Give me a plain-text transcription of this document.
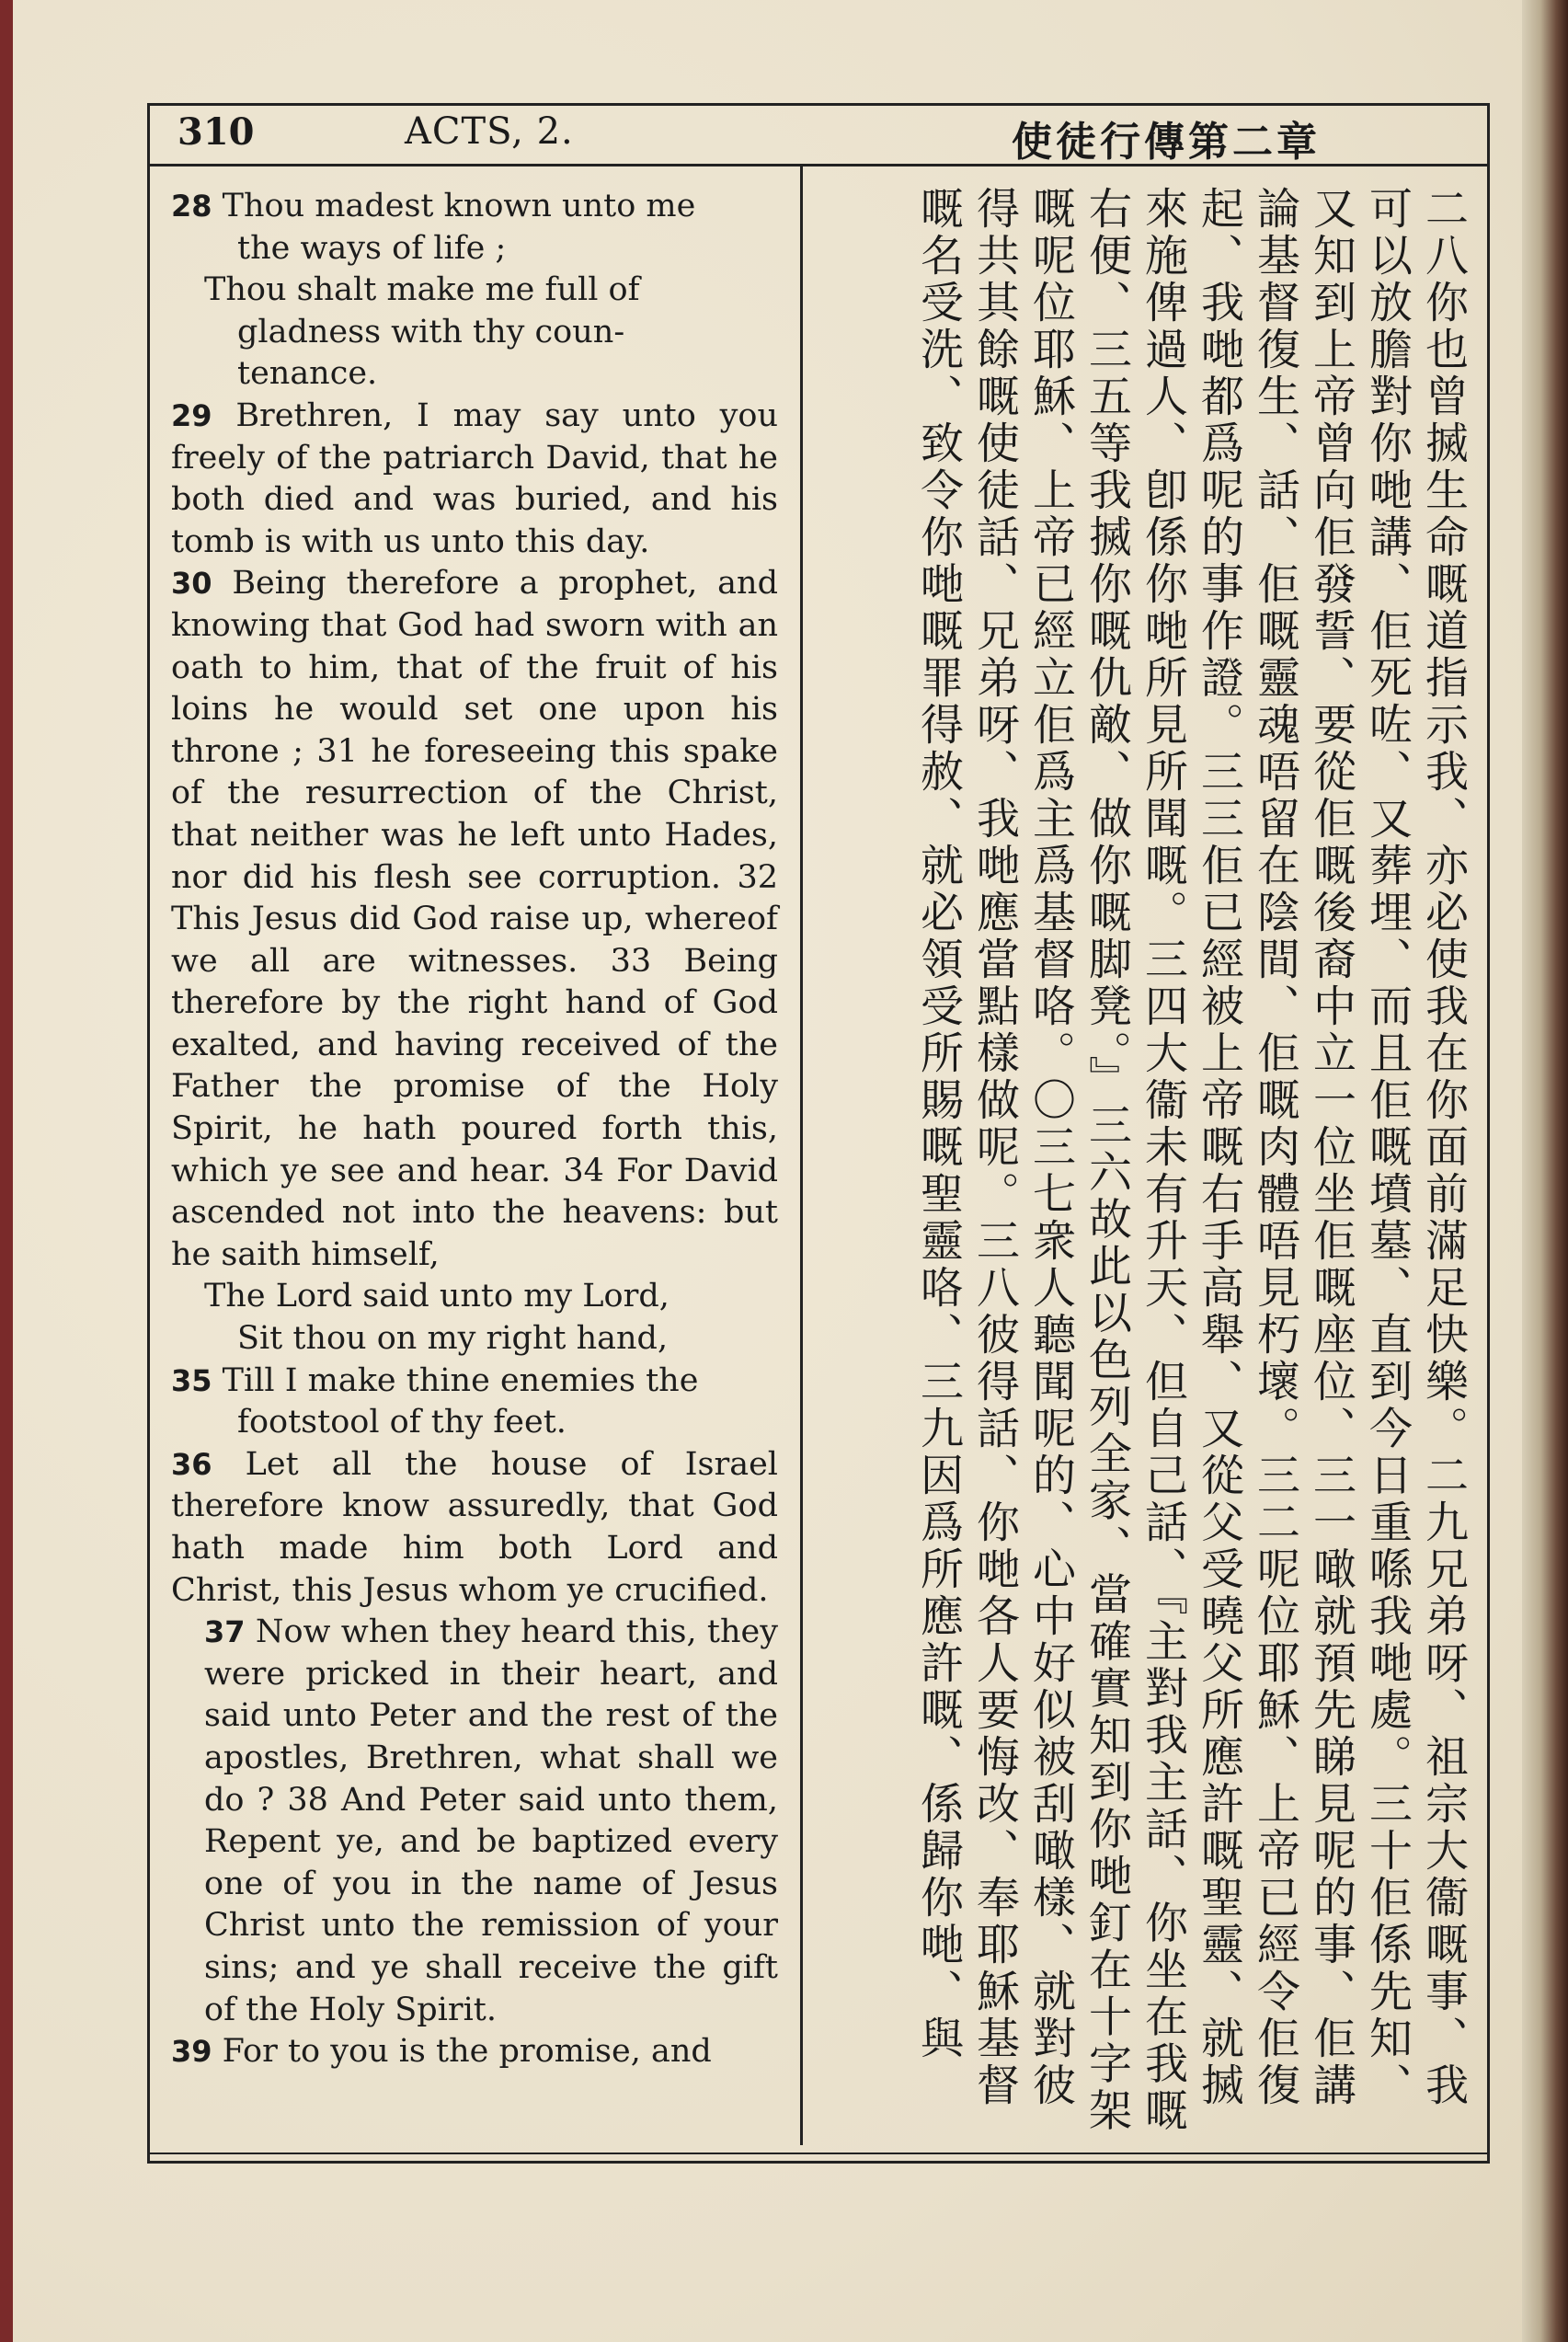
310	ACTS, 2.	使徒行傳第二章

28 Thou madest known unto me

the ways of life ;

Thou shalt make me full of

gladness with thy coun-

tenance.

29 Brethren, I may say unto you freely of the patriarch David, that he both died and was buried, and his tomb is with us unto this day.

30 Being therefore a prophet, and knowing that God had sworn with an oath to him, that of the fruit of his loins he would set one upon his throne ; 31 he foreseeing this spake of the resurrection of the Christ, that neither was he left unto Hades, nor did his flesh see corruption. 32 This Jesus did God raise up, whereof we all are witnesses. 33 Being therefore by the right hand of God exalted, and having received of the Father the promise of the Holy Spirit, he hath poured forth this, which ye see and hear. 34 For David ascended not into the heavens: but he saith himself,

The Lord said unto my Lord,

Sit thou on my right hand,

35 Till I make thine enemies the

footstool of thy feet.

36 Let all the house of Israel therefore know assuredly, that God hath made him both Lord and Christ, this Jesus whom ye crucified.

37 Now when they heard this, they were pricked in their heart, and said unto Peter and the rest of the apostles, Brethren, what shall we do ? 38 And Peter said unto them, Repent ye, and be baptized every one of you in the name of Jesus Christ unto the remission of your sins; and ye shall receive the gift of the Holy Spirit.

39 For to you is the promise, and	二八你也曾搣生命嘅道指示我、亦必使我在你面前滿足快樂。二九兄弟呀、祖宗大衞嘅事、我可以放膽對你哋講、佢死咗、又葬埋、而且佢嘅墳墓、直到今日重喺我哋處。三十佢係先知、又知到上帝曾向佢發誓、要從佢嘅後裔中立一位坐佢嘅座位、三一噉就預先睇見呢的事、佢講論基督復生、話、佢嘅靈魂唔留在陰間、佢嘅肉體唔見朽壞。三二呢位耶穌、上帝已經令佢復起、我哋都爲呢的事作證。三三佢已經被上帝嘅右手高舉、又從父受曉父所應許嘅聖靈、就搣來施俾過人、卽係你哋所見所聞嘅。三四大衞未有升天、但自己話、『主對我主話、你坐在我嘅右便、三五等我搣你嘅仇敵、做你嘅脚凳。』三六故此以色列全家、當確實知到你哋釘在十字架嘅呢位耶穌、上帝已經立佢爲主爲基督咯。〇三七衆人聽聞呢的、心中好似被刮噉樣、就對彼得共其餘嘅使徒話、兄弟呀、我哋應當點樣做呢。三八彼得話、你哋各人要悔改、奉耶穌基督嘅名受洗、致令你哋嘅罪得赦、就必領受所賜嘅聖靈咯、三九因爲所應許嘅、係歸你哋、與
